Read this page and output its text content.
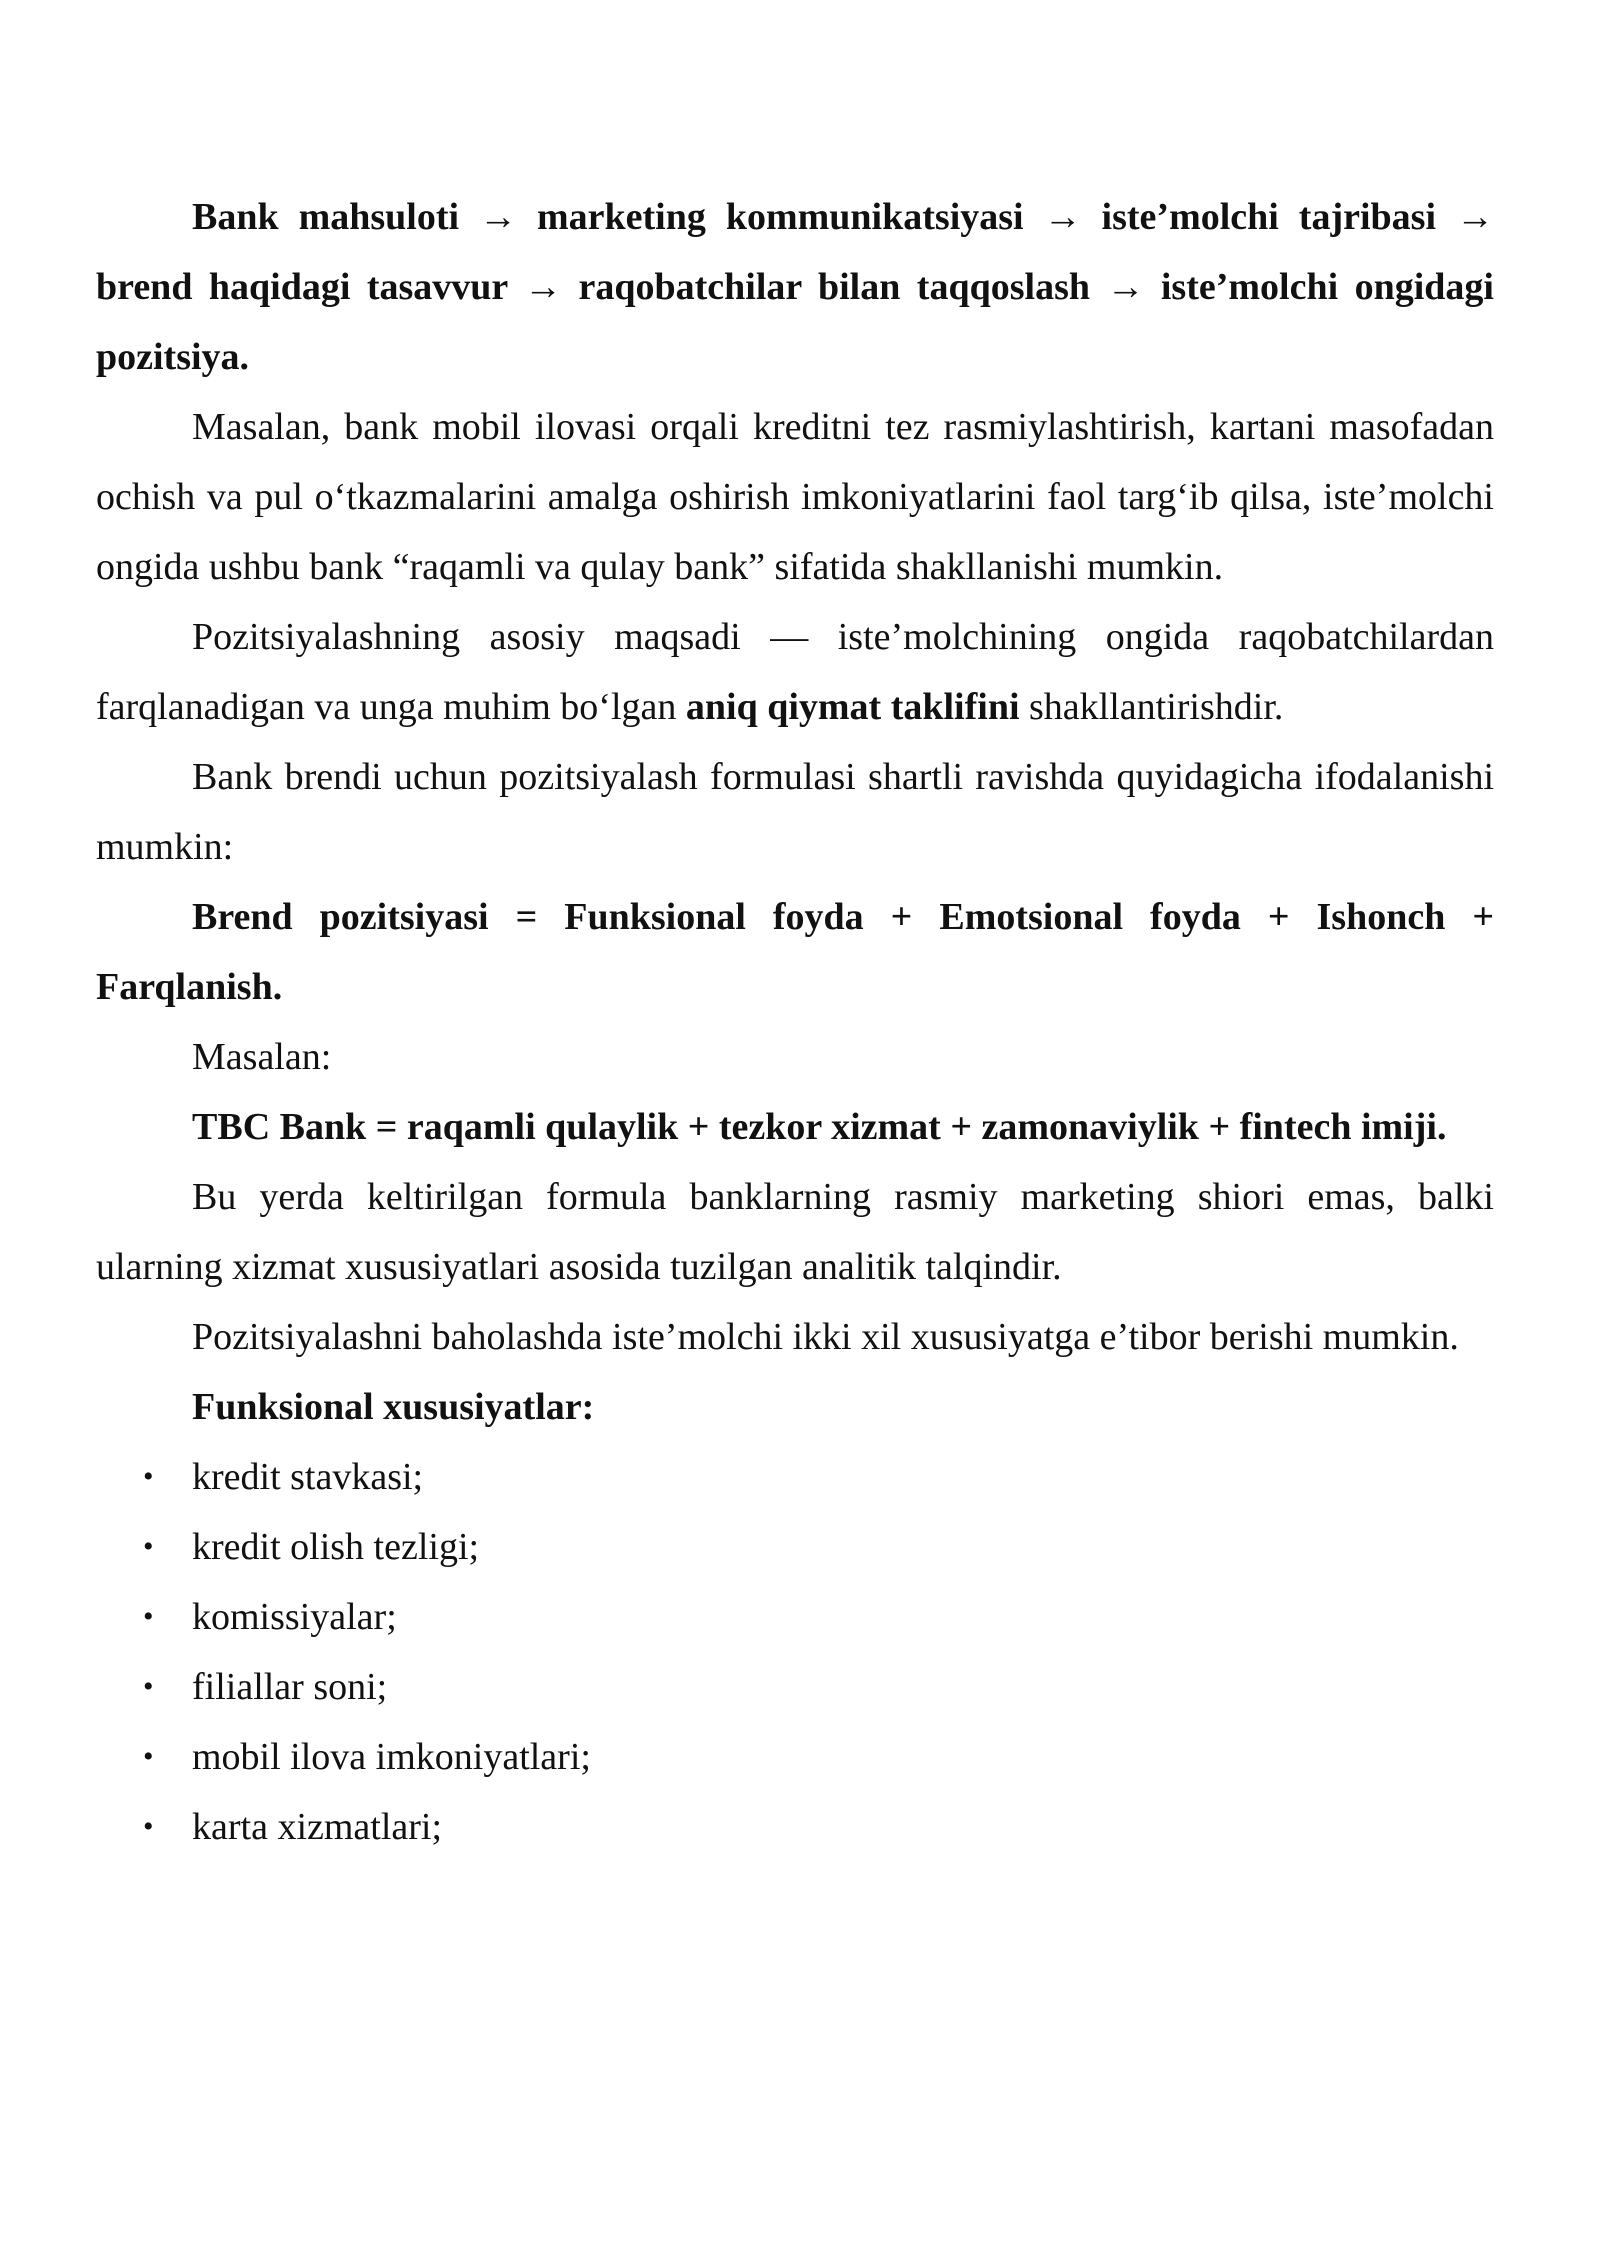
Bank mahsuloti → marketing kommunikatsiyasi → iste’molchi tajribasi → brend haqidagi tasavvur → raqobatchilar bilan taqqoslash → iste’molchi ongidagi pozitsiya.

Masalan, bank mobil ilovasi orqali kreditni tez rasmiylashtirish, kartani masofadan ochish va pul o‘tkazmalarini amalga oshirish imkoniyatlarini faol targ‘ib qilsa, iste’molchi ongida ushbu bank “raqamli va qulay bank” sifatida shakllanishi mumkin.

Pozitsiyalashning asosiy maqsadi — iste’molchining ongida raqobatchilardan farqlanadigan va unga muhim bo‘lgan aniq qiymat taklifini shakllantirishdir.

Bank brendi uchun pozitsiyalash formulasi shartli ravishda quyidagicha ifodalanishi mumkin:

Brend pozitsiyasi = Funksional foyda + Emotsional foyda + Ishonch + Farqlanish.

Masalan:

TBC Bank = raqamli qulaylik + tezkor xizmat + zamonaviylik + fintech imiji.

Bu yerda keltirilgan formula banklarning rasmiy marketing shiori emas, balki ularning xizmat xususiyatlari asosida tuzilgan analitik talqindir.

Pozitsiyalashni baholashda iste’molchi ikki xil xususiyatga e’tibor berishi mumkin.

Funksional xususiyatlar:

• kredit stavkasi;
• kredit olish tezligi;
• komissiyalar;
• filiallar soni;
• mobil ilova imkoniyatlari;
• karta xizmatlari;
